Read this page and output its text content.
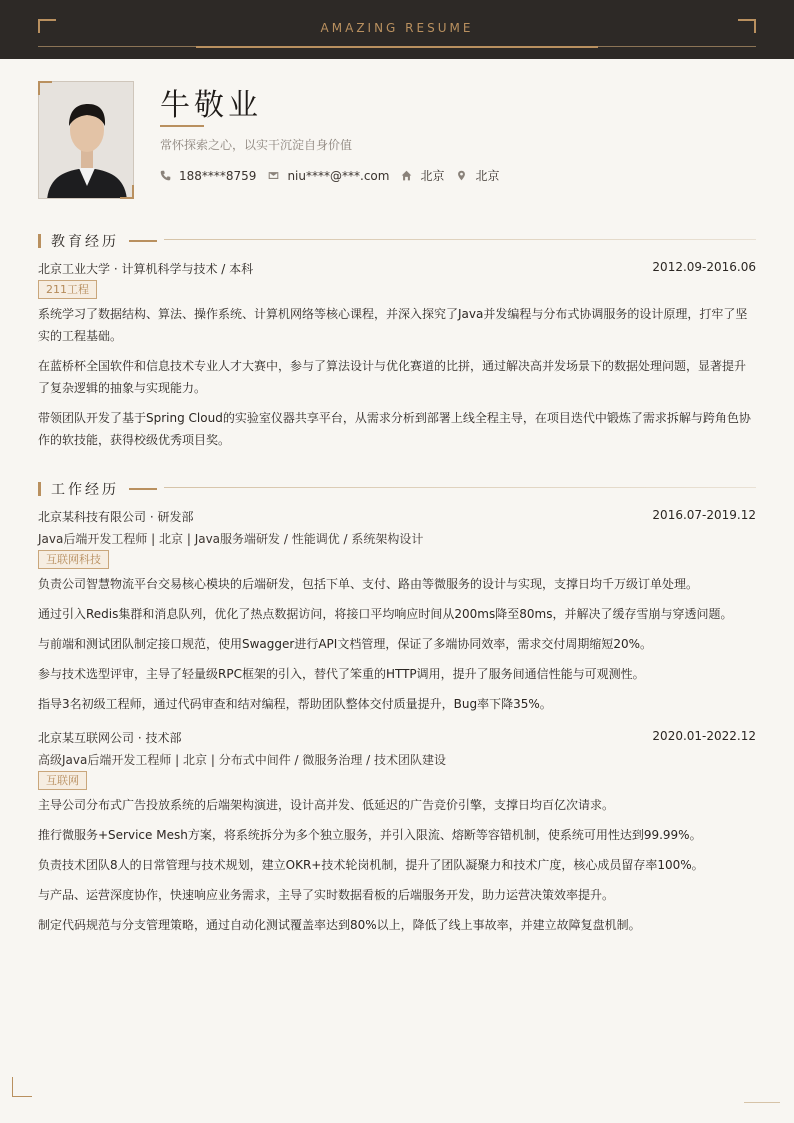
AMAZING RESUME
牛敬业
常怀探索之心，以实干沉淀自身价值
188****8759	niu****@***.com	北京	北京
教育经历
北京工业大学 · 计算机科学与技术 / 本科	2012.09-2016.06
211工程
系统学习了数据结构、算法、操作系统、计算机网络等核心课程，并深入探究了Java并发编程与分布式协调服务的设计原理，打牢了坚实的工程基础。
在蓝桥杯全国软件和信息技术专业人才大赛中，参与了算法设计与优化赛道的比拼，通过解决高并发场景下的数据处理问题，显著提升了复杂逻辑的抽象与实现能力。
带领团队开发了基于Spring Cloud的实验室仪器共享平台，从需求分析到部署上线全程主导，在项目迭代中锻炼了需求拆解与跨角色协作的软技能，获得校级优秀项目奖。
工作经历
北京某科技有限公司 · 研发部	2016.07-2019.12
Java后端开发工程师 | 北京 | Java服务端研发 / 性能调优 / 系统架构设计
互联网科技
负责公司智慧物流平台交易核心模块的后端研发，包括下单、支付、路由等微服务的设计与实现，支撑日均千万级订单处理。
通过引入Redis集群和消息队列，优化了热点数据访问，将接口平均响应时间从200ms降至80ms，并解决了缓存雪崩与穿透问题。
与前端和测试团队制定接口规范，使用Swagger进行API文档管理，保证了多端协同效率，需求交付周期缩短20%。
参与技术选型评审，主导了轻量级RPC框架的引入，替代了笨重的HTTP调用，提升了服务间通信性能与可观测性。
指导3名初级工程师，通过代码审查和结对编程，帮助团队整体交付质量提升，Bug率下降35%。
北京某互联网公司 · 技术部	2020.01-2022.12
高级Java后端开发工程师 | 北京 | 分布式中间件 / 微服务治理 / 技术团队建设
互联网
主导公司分布式广告投放系统的后端架构演进，设计高并发、低延迟的广告竞价引擎，支撑日均百亿次请求。
推行微服务+Service Mesh方案，将系统拆分为多个独立服务，并引入限流、熔断等容错机制，使系统可用性达到99.99%。
负责技术团队8人的日常管理与技术规划，建立OKR+技术轮岗机制，提升了团队凝聚力和技术广度，核心成员留存率100%。
与产品、运营深度协作，快速响应业务需求，主导了实时数据看板的后端服务开发，助力运营决策效率提升。
制定代码规范与分支管理策略，通过自动化测试覆盖率达到80%以上，降低了线上事故率，并建立故障复盘机制。
